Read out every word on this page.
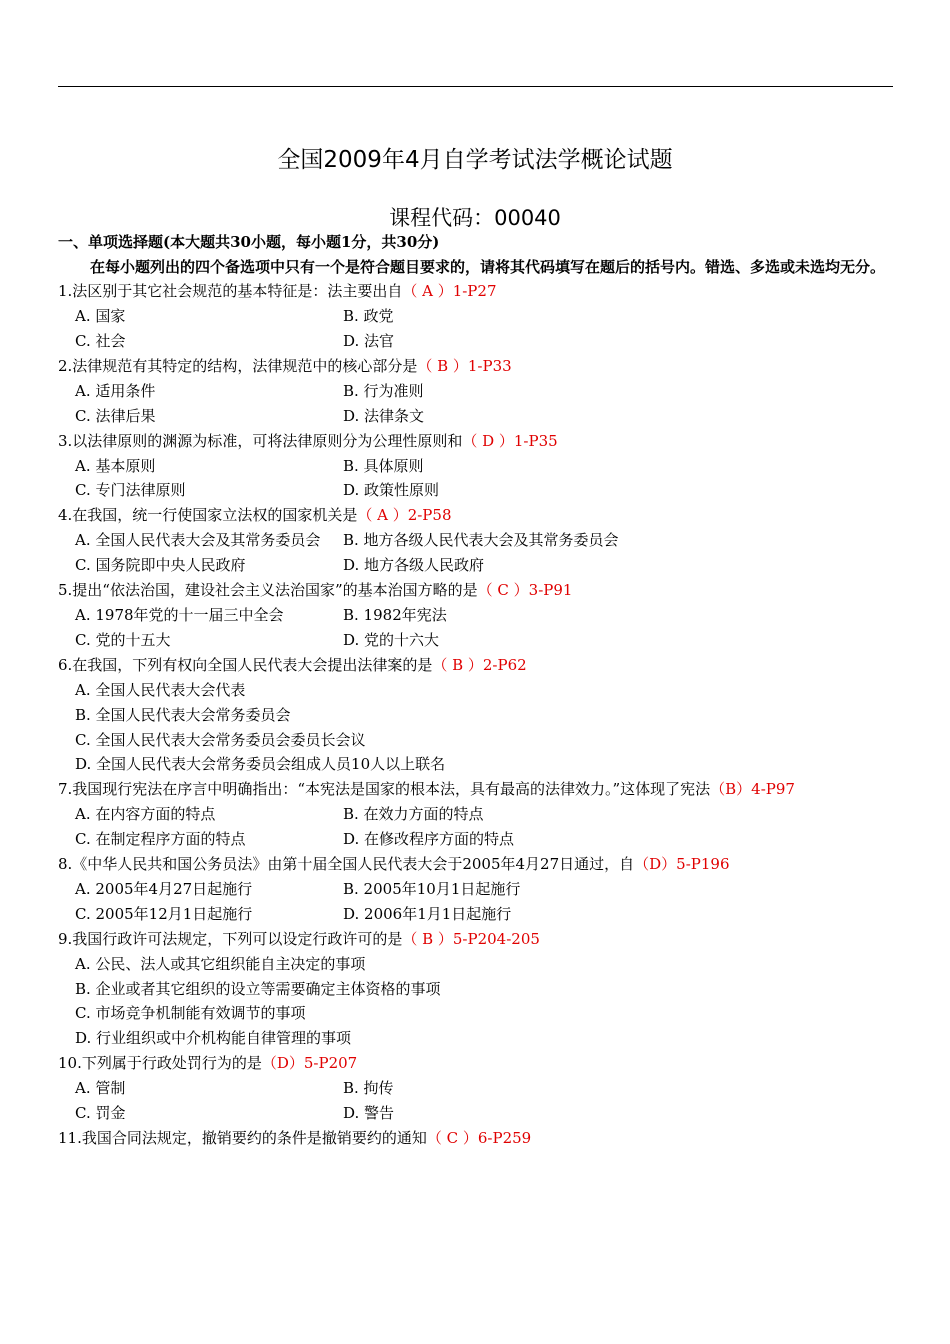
全国2009年4月自学考试法学概论试题
课程代码：00040

一、单项选择题(本大题共30小题，每小题1分，共30分)

在每小题列出的四个备选项中只有一个是符合题目要求的，请将其代码填写在题后的括号内。错选、多选或未选均无分。

1.法区别于其它社会规范的基本特征是：法主要出自（ A ）1-P27
A. 国家	B. 政党
C. 社会	D. 法官
2.法律规范有其特定的结构，法律规范中的核心部分是（ B ）1-P33
A. 适用条件	B. 行为准则
C. 法律后果	D. 法律条文
3.以法律原则的渊源为标准，可将法律原则分为公理性原则和（ D ）1-P35
A. 基本原则	B. 具体原则
C. 专门法律原则	D. 政策性原则
4.在我国，统一行使国家立法权的国家机关是（ A ）2-P58
A. 全国人民代表大会及其常务委员会	B. 地方各级人民代表大会及其常务委员会
C. 国务院即中央人民政府	D. 地方各级人民政府
5.提出“依法治国，建设社会主义法治国家”的基本治国方略的是（ C ）3-P91
A. 1978年党的十一届三中全会	B. 1982年宪法
C. 党的十五大	D. 党的十六大
6.在我国，下列有权向全国人民代表大会提出法律案的是（ B ）2-P62
A. 全国人民代表大会代表
B. 全国人民代表大会常务委员会
C. 全国人民代表大会常务委员会委员长会议
D. 全国人民代表大会常务委员会组成人员10人以上联名
7.我国现行宪法在序言中明确指出：“本宪法是国家的根本法，具有最高的法律效力。”这体现了宪法（B）4-P97
A. 在内容方面的特点	B. 在效力方面的特点
C. 在制定程序方面的特点	D. 在修改程序方面的特点
8.《中华人民共和国公务员法》由第十届全国人民代表大会于2005年4月27日通过，自（D）5-P196
A. 2005年4月27日起施行	B. 2005年10月1日起施行
C. 2005年12月1日起施行	D. 2006年1月1日起施行
9.我国行政许可法规定，下列可以设定行政许可的是（ B ）5-P204-205
A. 公民、法人或其它组织能自主决定的事项
B. 企业或者其它组织的设立等需要确定主体资格的事项
C. 市场竞争机制能有效调节的事项
D. 行业组织或中介机构能自律管理的事项
10.下列属于行政处罚行为的是（D）5-P207
A. 管制	B. 拘传
C. 罚金	D. 警告
11.我国合同法规定，撤销要约的条件是撤销要约的通知（ C ）6-P259
